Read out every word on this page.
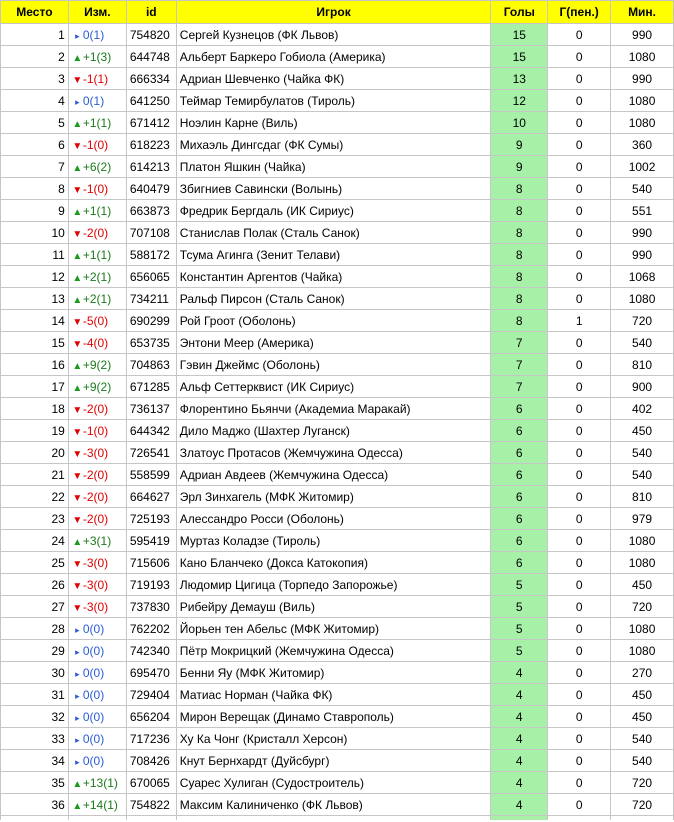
Место	Изм.	id	Игрок	Голы	Г(пен.)	Мин.
1	▸ 0(1)	754820	Сергей Кузнецов (ФК Львов)	15	0	990
2	▲+1(3)	644748	Альберт Баркеро Гобиола (Америка)	15	0	1080
3	▼-1(1)	666334	Адриан Шевченко (Чайка ФК)	13	0	990
4	▸ 0(1)	641250	Теймар Темирбулатов (Тироль)	12	0	1080
5	▲+1(1)	671412	Ноэлин Карне (Виль)	10	0	1080
6	▼-1(0)	618223	Михаэль Дингсдаг (ФК Сумы)	9	0	360
7	▲+6(2)	614213	Платон Яшкин (Чайка)	9	0	1002
8	▼-1(0)	640479	Збигниев Савински (Волынь)	8	0	540
9	▲+1(1)	663873	Фредрик Бергдаль (ИК Сириус)	8	0	551
10	▼-2(0)	707108	Станислав Полак (Сталь Санок)	8	0	990
11	▲+1(1)	588172	Тсума Агинга (Зенит Телави)	8	0	990
12	▲+2(1)	656065	Константин Аргентов (Чайка)	8	0	1068
13	▲+2(1)	734211	Ральф Пирсон (Сталь Санок)	8	0	1080
14	▼-5(0)	690299	Рой Гроот (Оболонь)	8	1	720
15	▼-4(0)	653735	Энтони Меер (Америка)	7	0	540
16	▲+9(2)	704863	Гэвин Джеймс (Оболонь)	7	0	810
17	▲+9(2)	671285	Альф Сеттерквист (ИК Сириус)	7	0	900
18	▼-2(0)	736137	Флорентино Бьянчи (Академиа Маракай)	6	0	402
19	▼-1(0)	644342	Дило Маджо (Шахтер Луганск)	6	0	450
20	▼-3(0)	726541	Златоус Протасов (Жемчужина Одесса)	6	0	540
21	▼-2(0)	558599	Адриан Авдеев (Жемчужина Одесса)	6	0	540
22	▼-2(0)	664627	Эрл Зинхагель (МФК Житомир)	6	0	810
23	▼-2(0)	725193	Алессандро Росси (Оболонь)	6	0	979
24	▲+3(1)	595419	Муртаз Коладзе (Тироль)	6	0	1080
25	▼-3(0)	715606	Кано Бланчеко (Докса Катокопия)	6	0	1080
26	▼-3(0)	719193	Людомир Цигица (Торпедо Запорожье)	5	0	450
27	▼-3(0)	737830	Рибейру Демауш (Виль)	5	0	720
28	▸ 0(0)	762202	Йорьен тен Абельс (МФК Житомир)	5	0	1080
29	▸ 0(0)	742340	Пётр Мокрицкий (Жемчужина Одесса)	5	0	1080
30	▸ 0(0)	695470	Бенни Яу (МФК Житомир)	4	0	270
31	▸ 0(0)	729404	Матиас Норман (Чайка ФК)	4	0	450
32	▸ 0(0)	656204	Мирон Верещак (Динамо Ставрополь)	4	0	450
33	▸ 0(0)	717236	Ху Ка Чонг (Кристалл Херсон)	4	0	540
34	▸ 0(0)	708426	Кнут Бернхардт (Дуйсбург)	4	0	540
35	▲+13(1)	670065	Суарес Хулиган (Судостроитель)	4	0	720
36	▲+14(1)	754822	Максим Калиниченко (ФК Львов)	4	0	720
